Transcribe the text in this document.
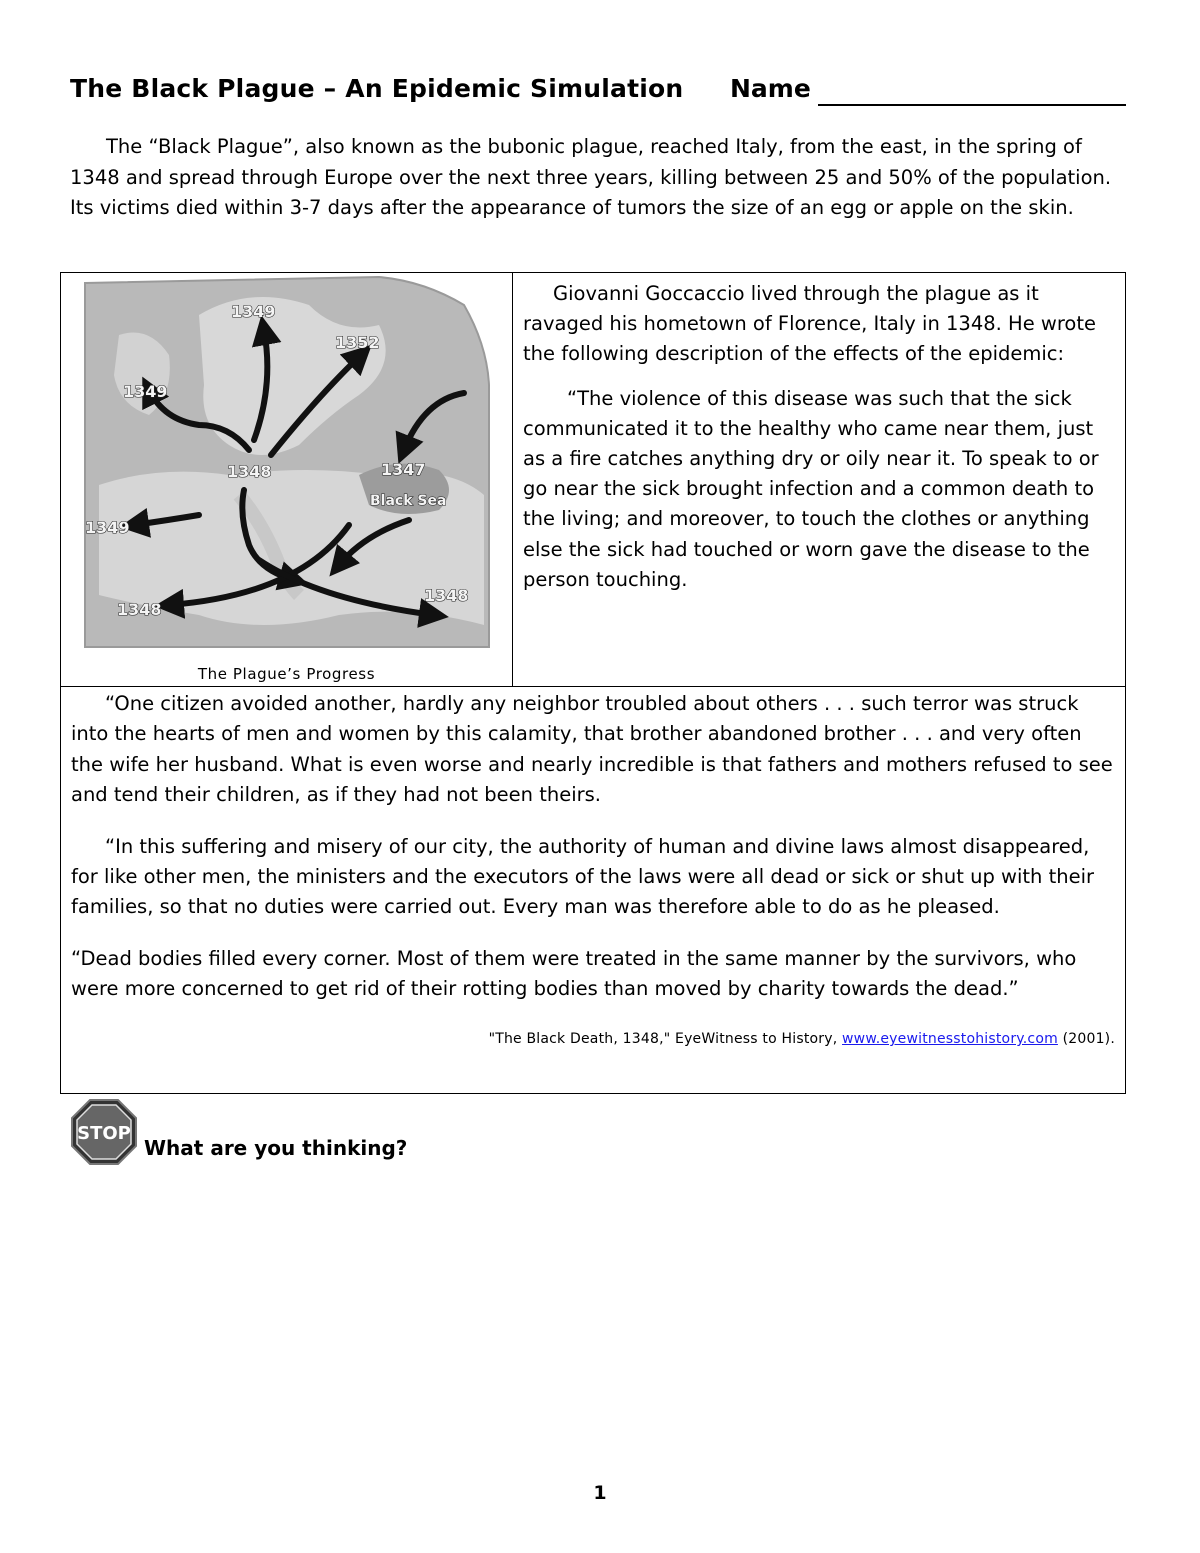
The Black Plague – An Epidemic Simulation Name
The “Black Plague”, also known as the bubonic plague, reached Italy, from the east, in the spring of 1348 and spread through Europe over the next three years, killing between 25 and 50% of the population. Its victims died within 3-7 days after the appearance of tumors the size of an egg or apple on the skin.
1349
1352
1349
1348	1347
Black Sea
1349
1348
1348
The Plague’s Progress

Giovanni Goccaccio lived through the plague as it ravaged his hometown of Florence, Italy in 1348. He wrote the following description of the effects of the epidemic:

“The violence of this disease was such that the sick communicated it to the healthy who came near them, just as a fire catches anything dry or oily near it. To speak to or go near the sick brought infection and a common death to the living; and moreover, to touch the clothes or anything else the sick had touched or worn gave the disease to the person touching.

“One citizen avoided another, hardly any neighbor troubled about others . . . such terror was struck into the hearts of men and women by this calamity, that brother abandoned brother . . . and very often the wife her husband. What is even worse and nearly incredible is that fathers and mothers refused to see and tend their children, as if they had not been theirs.

“In this suffering and misery of our city, the authority of human and divine laws almost disappeared, for like other men, the ministers and the executors of the laws were all dead or sick or shut up with their families, so that no duties were carried out. Every man was therefore able to do as he pleased.

“Dead bodies filled every corner. Most of them were treated in the same manner by the survivors, who were more concerned to get rid of their rotting bodies than moved by charity towards the dead.”

"The Black Death, 1348," EyeWitness to History, www.eyewitnesstohistory.com (2001).
STOP
What are you thinking?
1
